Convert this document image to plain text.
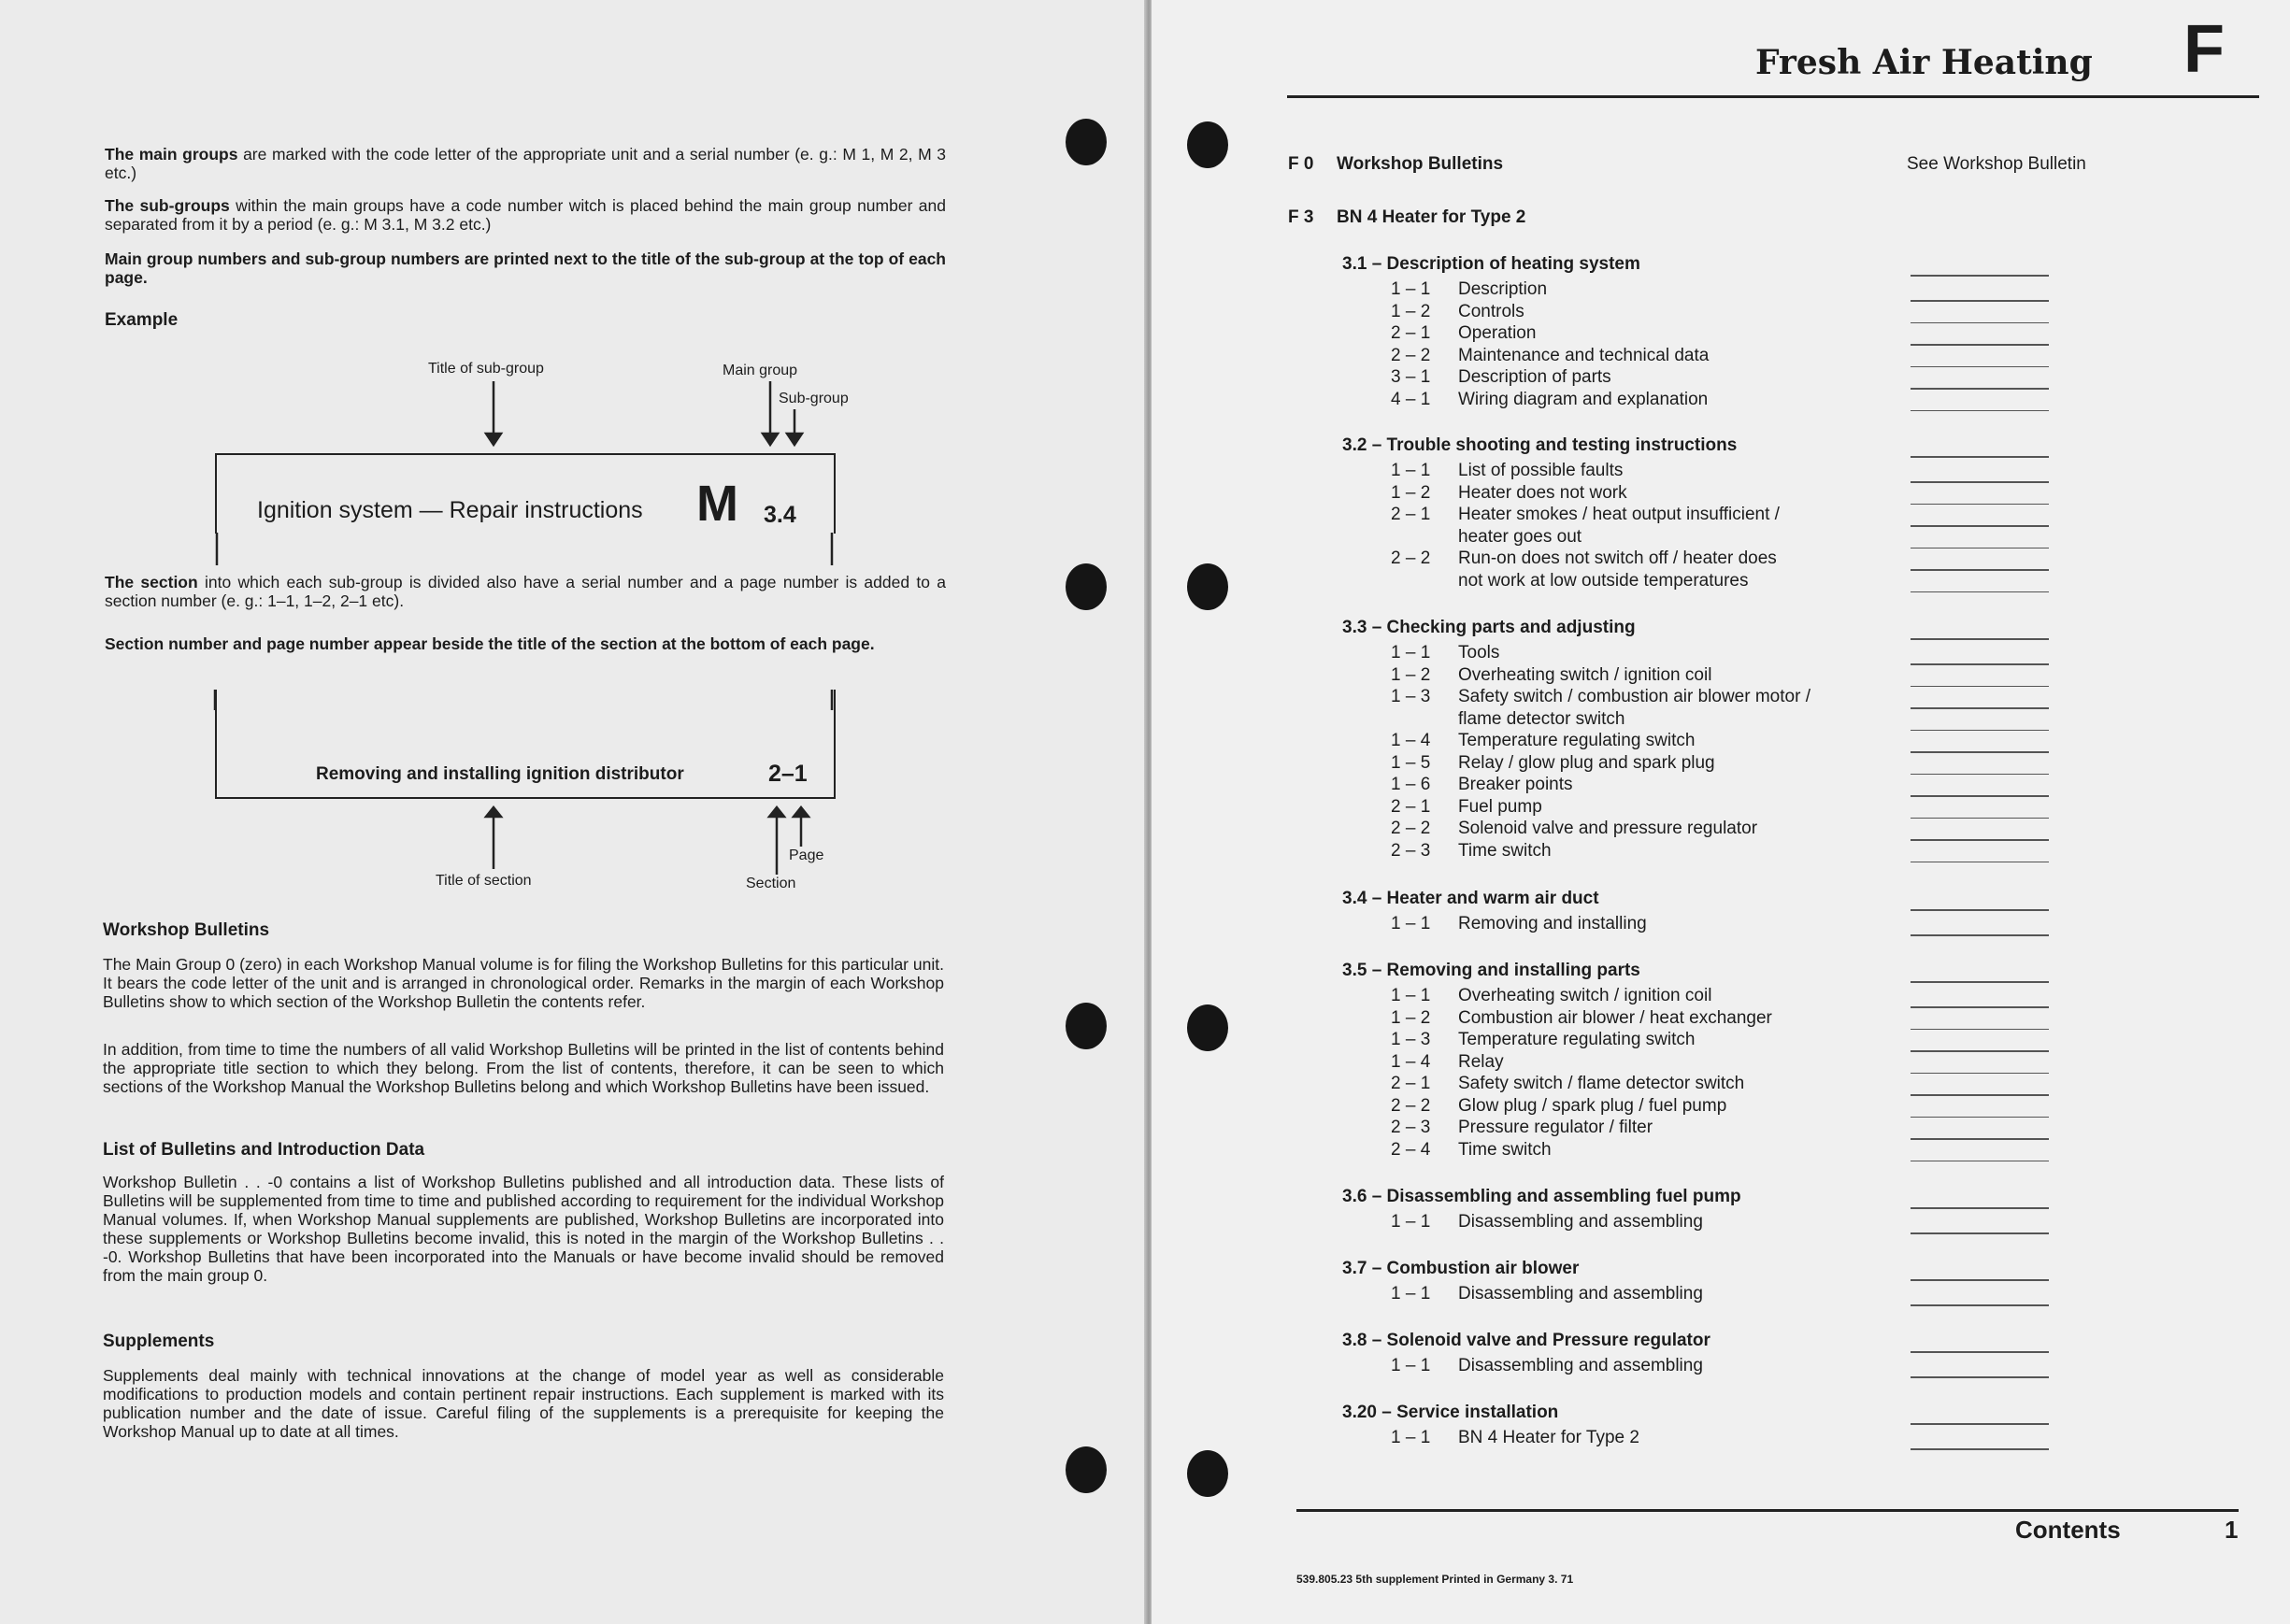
The main groups are marked with the code letter of the appropriate unit and a serial number (e. g.: M 1, M 2, M 3 etc.)
The sub-groups within the main groups have a code number witch is placed behind the main group number and separated from it by a period (e. g.: M 3.1, M 3.2 etc.)
Main group numbers and sub-group numbers are printed next to the title of the sub-group at the top of each page.
Example
Title of sub-group	Main group
Sub-group
Ignition system — Repair instructions M 3.4
The section into which each sub-group is divided also have a serial number and a page number is added to a section number (e. g.: 1–1, 1–2, 2–1 etc).
Section number and page number appear beside the title of the section at the bottom of each page.
Removing and installing ignition distributor	2–1
Page
Title of section	Section
Workshop Bulletins
The Main Group 0 (zero) in each Workshop Manual volume is for filing the Workshop Bulletins for this particular unit. It bears the code letter of the unit and is arranged in chronological order. Remarks in the margin of each Workshop Bulletins show to which section of the Workshop Bulletin the contents refer.
In addition, from time to time the numbers of all valid Workshop Bulletins will be printed in the list of contents behind the appropriate title section to which they belong. From the list of contents, therefore, it can be seen to which sections of the Workshop Manual the Workshop Bulletins belong and which Workshop Bulletins have been issued.
List of Bulletins and Introduction Data
Workshop Bulletin . . -0 contains a list of Workshop Bulletins published and all introduction data. These lists of Bulletins will be supplemented from time to time and published according to requirement for the individual Workshop Manual volumes. If, when Workshop Manual supplements are published, Workshop Bulletins are incorporated into these supplements or Workshop Bulletins become invalid, this is noted in the margin of the Workshop Bulletins . . -0. Workshop Bulletins that have been incorporated into the Manuals or have become invalid should be removed from the main group 0.
Supplements
Supplements deal mainly with technical innovations at the change of model year as well as considerable modifications to production models and contain pertinent repair instructions. Each supplement is marked with its publication number and the date of issue. Careful filing of the supplements is a prerequisite for keeping the Workshop Manual up to date at all times.
Fresh Air Heating F
F 0 Workshop Bulletins	See Workshop Bulletin
F 3 BN 4 Heater for Type 2
3.1 – Description of heating system
1 – 1 Description
1 – 2 Controls
2 – 1 Operation
2 – 2 Maintenance and technical data
3 – 1 Description of parts
4 – 1 Wiring diagram and explanation
3.2 – Trouble shooting and testing instructions
1 – 1 List of possible faults
1 – 2 Heater does not work
2 – 1 Heater smokes / heat output insufficient /
heater goes out
2 – 2 Run-on does not switch off / heater does
not work at low outside temperatures
3.3 – Checking parts and adjusting
1 – 1 Tools
1 – 2 Overheating switch / ignition coil
1 – 3 Safety switch / combustion air blower motor /
flame detector switch
1 – 4 Temperature regulating switch
1 – 5 Relay / glow plug and spark plug
1 – 6 Breaker points
2 – 1 Fuel pump
2 – 2 Solenoid valve and pressure regulator
2 – 3 Time switch
3.4 – Heater and warm air duct
1 – 1 Removing and installing
3.5 – Removing and installing parts
1 – 1 Overheating switch / ignition coil
1 – 2 Combustion air blower / heat exchanger
1 – 3 Temperature regulating switch
1 – 4 Relay
2 – 1 Safety switch / flame detector switch
2 – 2 Glow plug / spark plug / fuel pump
2 – 3 Pressure regulator / filter
2 – 4 Time switch
3.6 – Disassembling and assembling fuel pump
1 – 1 Disassembling and assembling
3.7 – Combustion air blower
1 – 1 Disassembling and assembling
3.8 – Solenoid valve and Pressure regulator
1 – 1 Disassembling and assembling
3.20 – Service installation
1 – 1 BN 4 Heater for Type 2
Contents	1
539.805.23 5th supplement Printed in Germany 3. 71
